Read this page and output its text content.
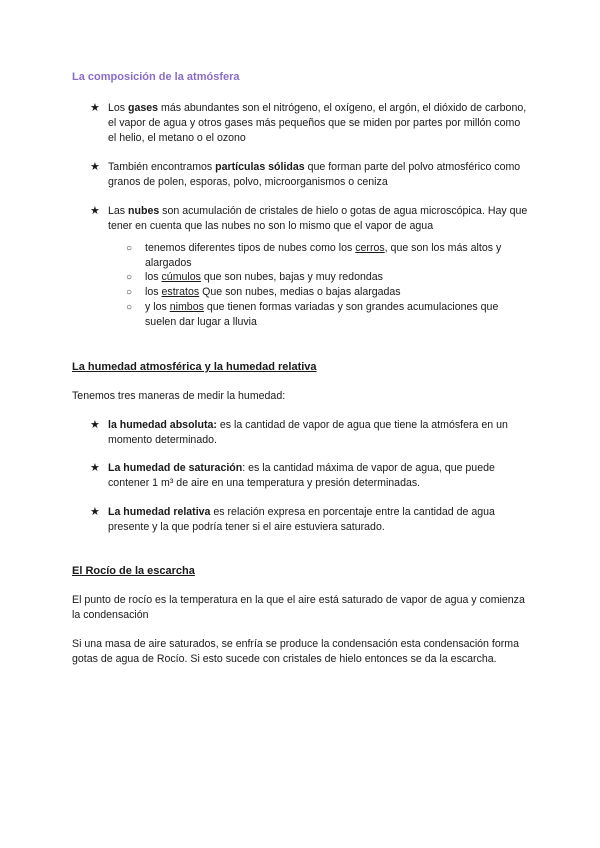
La composición de la atmósfera
★ Los gases más abundantes son el nitrógeno, el oxígeno, el argón, el dióxido de carbono, el vapor de agua y otros gases más pequeños que se miden por partes por millón como el helio, el metano o el ozono
★ También encontramos partículas sólidas que forman parte del polvo atmosférico como granos de polen, esporas, polvo, microorganismos o ceniza
★ Las nubes son acumulación de cristales de hielo o gotas de agua microscópica. Hay que tener en cuenta que las nubes no son lo mismo que el vapor de agua
○ tenemos diferentes tipos de nubes como los cerros, que son los más altos y alargados
○ los cúmulos que son nubes, bajas y muy redondas
○ los estratos Que son nubes, medias o bajas alargadas
○ y los nimbos que tienen formas variadas y son grandes acumulaciones que suelen dar lugar a lluvia
La humedad atmosférica y la humedad relativa
Tenemos tres maneras de medir la humedad:
★ la humedad absoluta: es la cantidad de vapor de agua que tiene la atmósfera en un momento determinado.
★ La humedad de saturación: es la cantidad máxima de vapor de agua, que puede contener 1 m³ de aire en una temperatura y presión determinadas.
★ La humedad relativa es relación expresa en porcentaje entre la cantidad de agua presente y la que podría tener si el aire estuviera saturado.
El Rocío de la escarcha
El punto de rocío es la temperatura en la que el aire está saturado de vapor de agua y comienza la condensación
Si una masa de aire saturados, se enfría se produce la condensación esta condensación forma gotas de agua de Rocío. Si esto sucede con cristales de hielo entonces se da la escarcha.
